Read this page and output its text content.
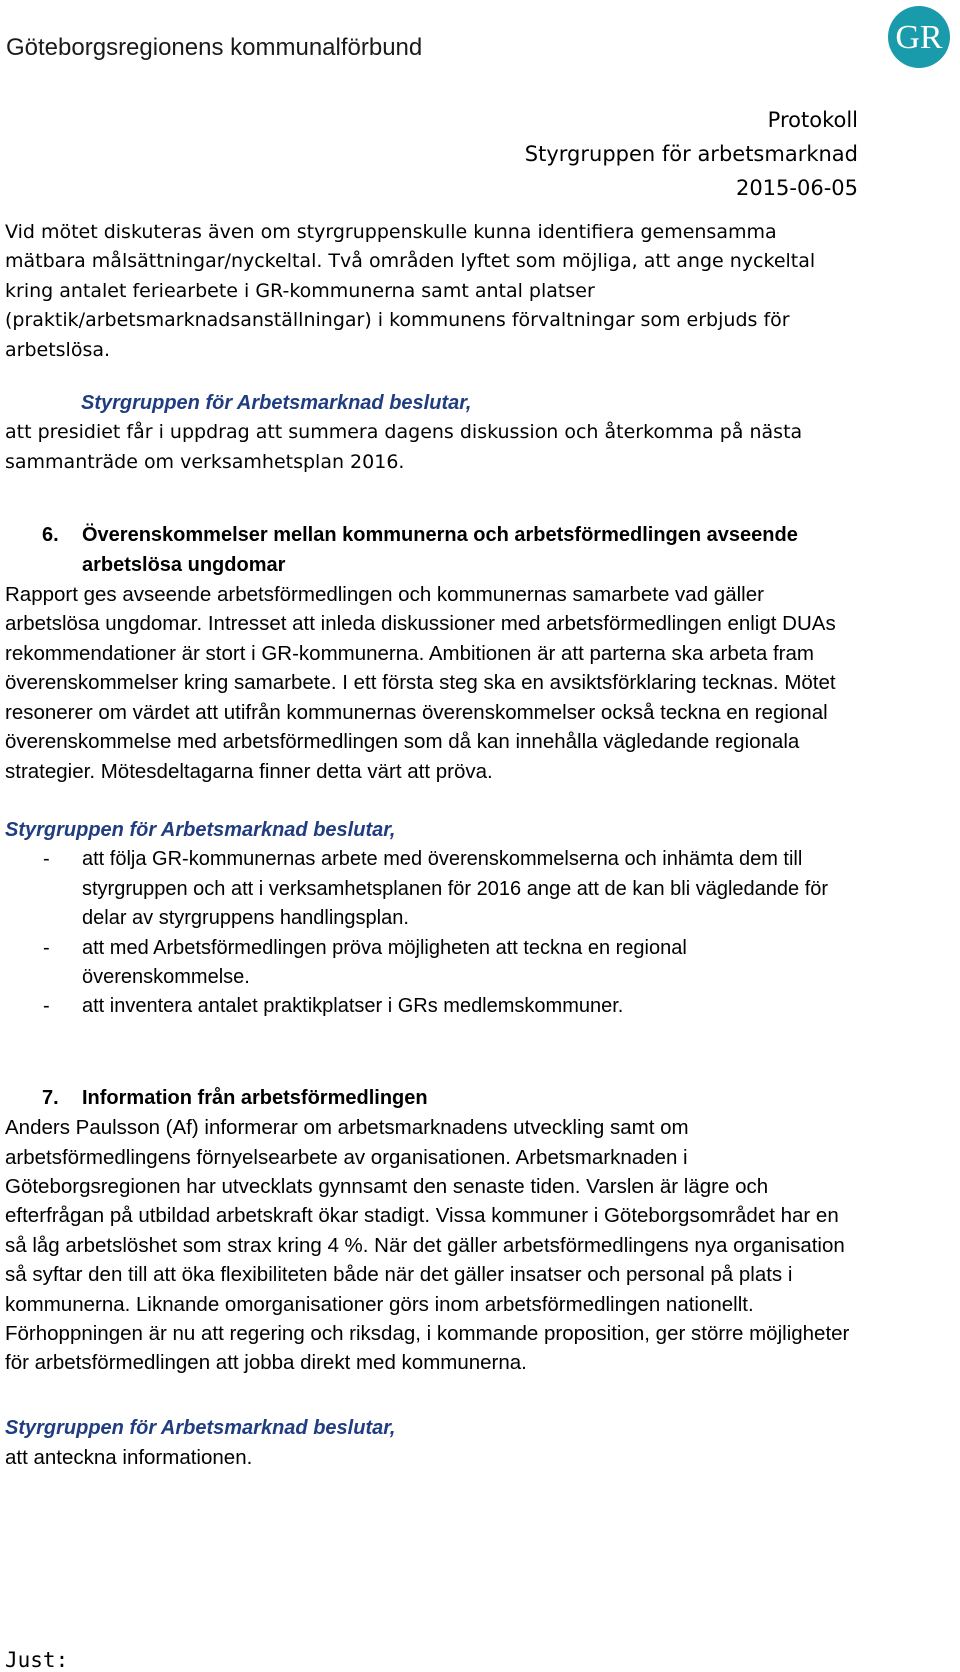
Göteborgsregionens kommunalförbund	GR
Protokoll
Styrgruppen för arbetsmarknad
2015-06-05

Vid mötet diskuteras även om styrgruppenskulle kunna identifiera gemensamma mätbara målsättningar/nyckeltal. Två områden lyftet som möjliga, att ange nyckeltal kring antalet feriearbete i GR-kommunerna samt antal platser (praktik/arbetsmarknadsanställningar) i kommunens förvaltningar som erbjuds för arbetslösa.

Styrgruppen för Arbetsmarknad beslutar,

att presidiet får i uppdrag att summera dagens diskussion och återkomma på nästa sammanträde om verksamhetsplan 2016.

6. Överenskommelser mellan kommunerna och arbetsförmedlingen avseende arbetslösa ungdomar

Rapport ges avseende arbetsförmedlingen och kommunernas samarbete vad gäller arbetslösa ungdomar. Intresset att inleda diskussioner med arbetsförmedlingen enligt DUAs rekommendationer är stort i GR-kommunerna. Ambitionen är att parterna ska arbeta fram överenskommelser kring samarbete. I ett första steg ska en avsiktsförklaring tecknas. Mötet resonerer om värdet att utifrån kommunernas överenskommelser också teckna en regional överenskommelse med arbetsförmedlingen som då kan innehålla vägledande regionala strategier. Mötesdeltagarna finner detta värt att pröva.

Styrgruppen för Arbetsmarknad beslutar,
- att följa GR-kommunernas arbete med överenskommelserna och inhämta dem till styrgruppen och att i verksamhetsplanen för 2016 ange att de kan bli vägledande för delar av styrgruppens handlingsplan.
- att med Arbetsförmedlingen pröva möjligheten att teckna en regional överenskommelse.
- att inventera antalet praktikplatser i GRs medlemskommuner.
7. Information från arbetsförmedlingen

Anders Paulsson (Af) informerar om arbetsmarknadens utveckling samt om arbetsförmedlingens förnyelsearbete av organisationen. Arbetsmarknaden i Göteborgsregionen har utvecklats gynnsamt den senaste tiden. Varslen är lägre och efterfrågan på utbildad arbetskraft ökar stadigt. Vissa kommuner i Göteborgsområdet har en så låg arbetslöshet som strax kring 4 %. När det gäller arbetsförmedlingens nya organisation så syftar den till att öka flexibiliteten både när det gäller insatser och personal på plats i kommunerna. Liknande omorganisationer görs inom arbetsförmedlingen nationellt. Förhoppningen är nu att regering och riksdag, i kommande proposition, ger större möjligheter för arbetsförmedlingen att jobba direkt med kommunerna.

Styrgruppen för Arbetsmarknad beslutar,

att anteckna informationen.

Just:
